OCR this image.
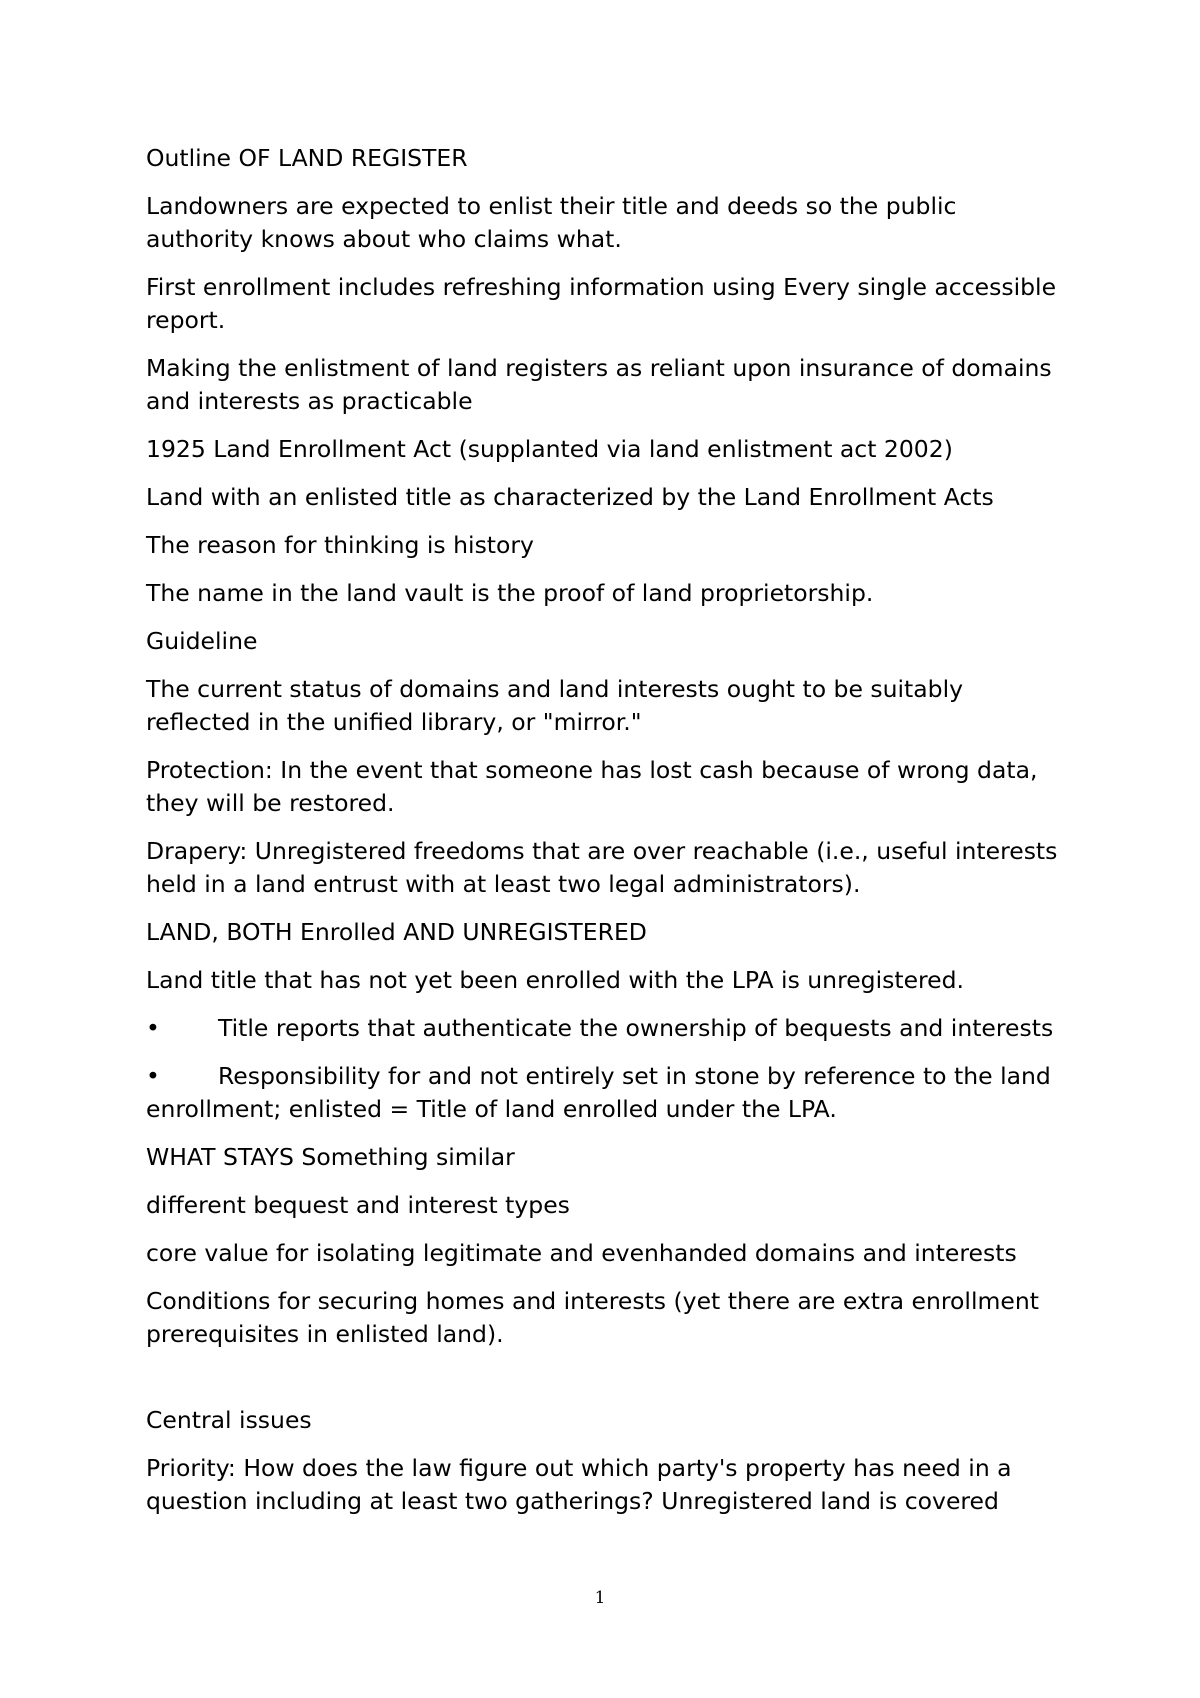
Outline OF LAND REGISTER

Landowners are expected to enlist their title and deeds so the public authority knows about who claims what.

First enrollment includes refreshing information using Every single accessible report.

Making the enlistment of land registers as reliant upon insurance of domains and interests as practicable

1925 Land Enrollment Act (supplanted via land enlistment act 2002)

Land with an enlisted title as characterized by the Land Enrollment Acts

The reason for thinking is history

The name in the land vault is the proof of land proprietorship.

Guideline

The current status of domains and land interests ought to be suitably reflected in the unified library, or "mirror."

Protection: In the event that someone has lost cash because of wrong data, they will be restored.

Drapery: Unregistered freedoms that are over reachable (i.e., useful interests held in a land entrust with at least two legal administrators).

LAND, BOTH Enrolled AND UNREGISTERED

Land title that has not yet been enrolled with the LPA is unregistered.

• Title reports that authenticate the ownership of bequests and interests

• Responsibility for and not entirely set in stone by reference to the land enrollment; enlisted = Title of land enrolled under the LPA.

WHAT STAYS Something similar

different bequest and interest types

core value for isolating legitimate and evenhanded domains and interests

Conditions for securing homes and interests (yet there are extra enrollment prerequisites in enlisted land).

Central issues

Priority: How does the law figure out which party's property has need in a question including at least two gatherings? Unregistered land is covered

1
